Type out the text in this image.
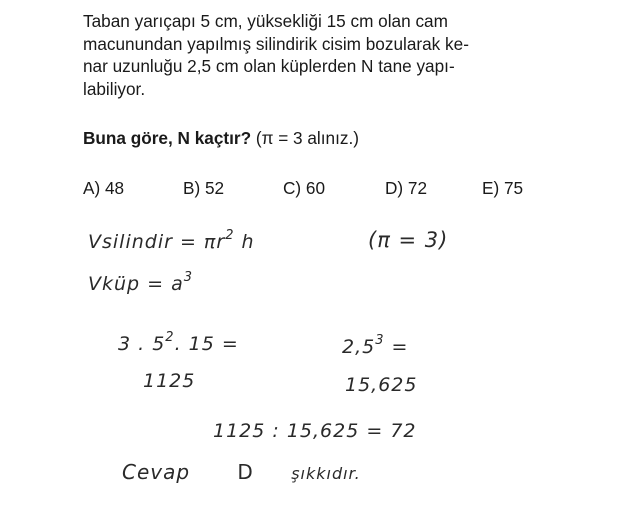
Taban yarıçapı 5 cm, yüksekliği 15 cm olan cam

macunundan yapılmış silindirik cisim bozularak ke-

nar uzunluğu 2,5 cm olan küplerden N tane yapı-

labiliyor.

Buna göre, N kaçtır? (π = 3 alınız.)
A) 48	B) 52	C) 60	D) 72	E) 75
Vsilindir = $\pi r^2$ h	(π = 3)
Vküp = $a^3$
3 . $5^2$. 15 =
1125
$2,5^3$ =
15,625
1125 : 15,625 = 72
Cevap D şıkkıdır.
